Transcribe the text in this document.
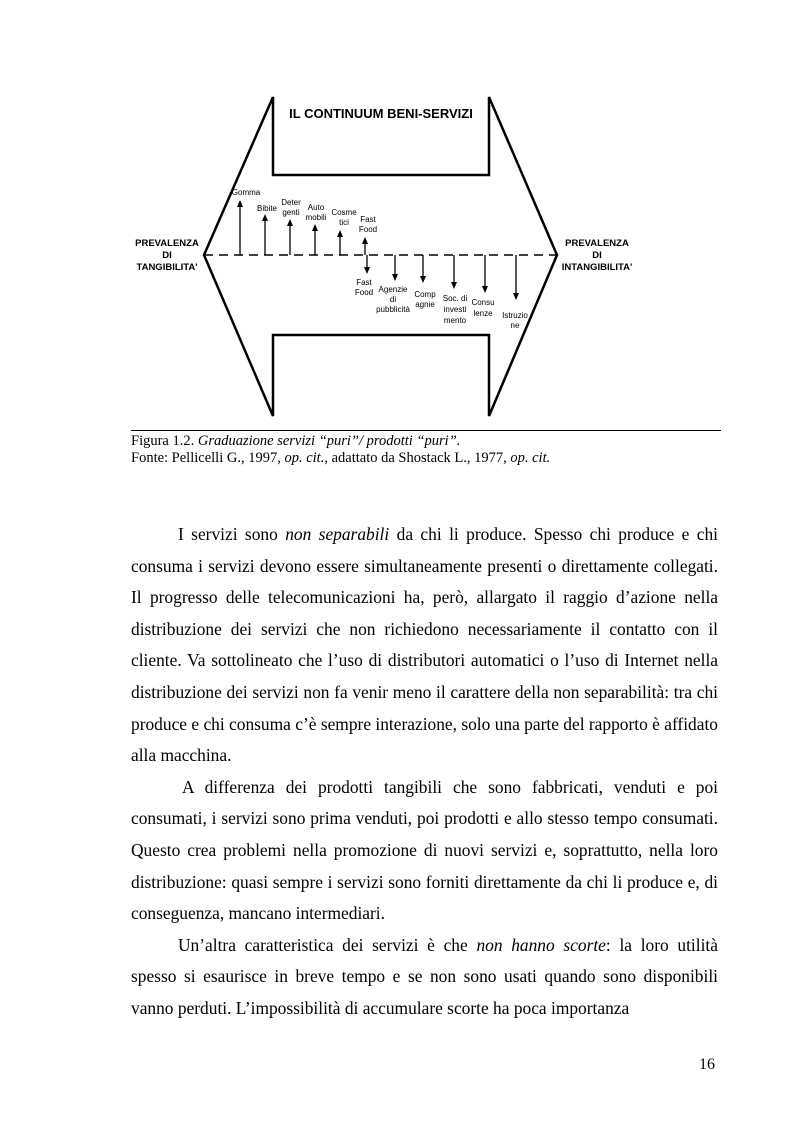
IL CONTINUUM BENI-SERVIZI
PREVALENZA
DI
TANGIBILITA'
PREVALENZA
DI
INTANGIBILITA'
Gomma
Bibite
Deter
genti
Auto
mobili
Cosme
tici Fast
Food
Fast
Food Agenzie
di
pubblicità
Comp
agnie
Soc. di
investi
mento
Consu
lenze Istruzio
ne
Figura 1.2. Graduazione servizi “puri”/ prodotti “puri”.
Fonte: Pellicelli G., 1997, op. cit., adattato da Shostack L., 1977, op. cit.

I servizi sono non separabili da chi li produce. Spesso chi produce e chi consuma i servizi devono essere simultaneamente presenti o direttamente collegati. Il progresso delle telecomunicazioni ha, però, allargato il raggio d’azione nella distribuzione dei servizi che non richiedono necessariamente il contatto con il cliente. Va sottolineato che l’uso di distributori automatici o l’uso di Internet nella distribuzione dei servizi non fa venir meno il carattere della non separabilità: tra chi produce e chi consuma c’è sempre interazione, solo una parte del rapporto è affidato alla macchina.

A differenza dei prodotti tangibili che sono fabbricati, venduti e poi consumati, i servizi sono prima venduti, poi prodotti e allo stesso tempo consumati. Questo crea problemi nella promozione di nuovi servizi e, soprattutto, nella loro distribuzione: quasi sempre i servizi sono forniti direttamente da chi li produce e, di conseguenza, mancano intermediari.

Un’altra caratteristica dei servizi è che non hanno scorte: la loro utilità spesso si esaurisce in breve tempo e se non sono usati quando sono disponibili vanno perduti. L’impossibilità di accumulare scorte ha poca importanza

16
